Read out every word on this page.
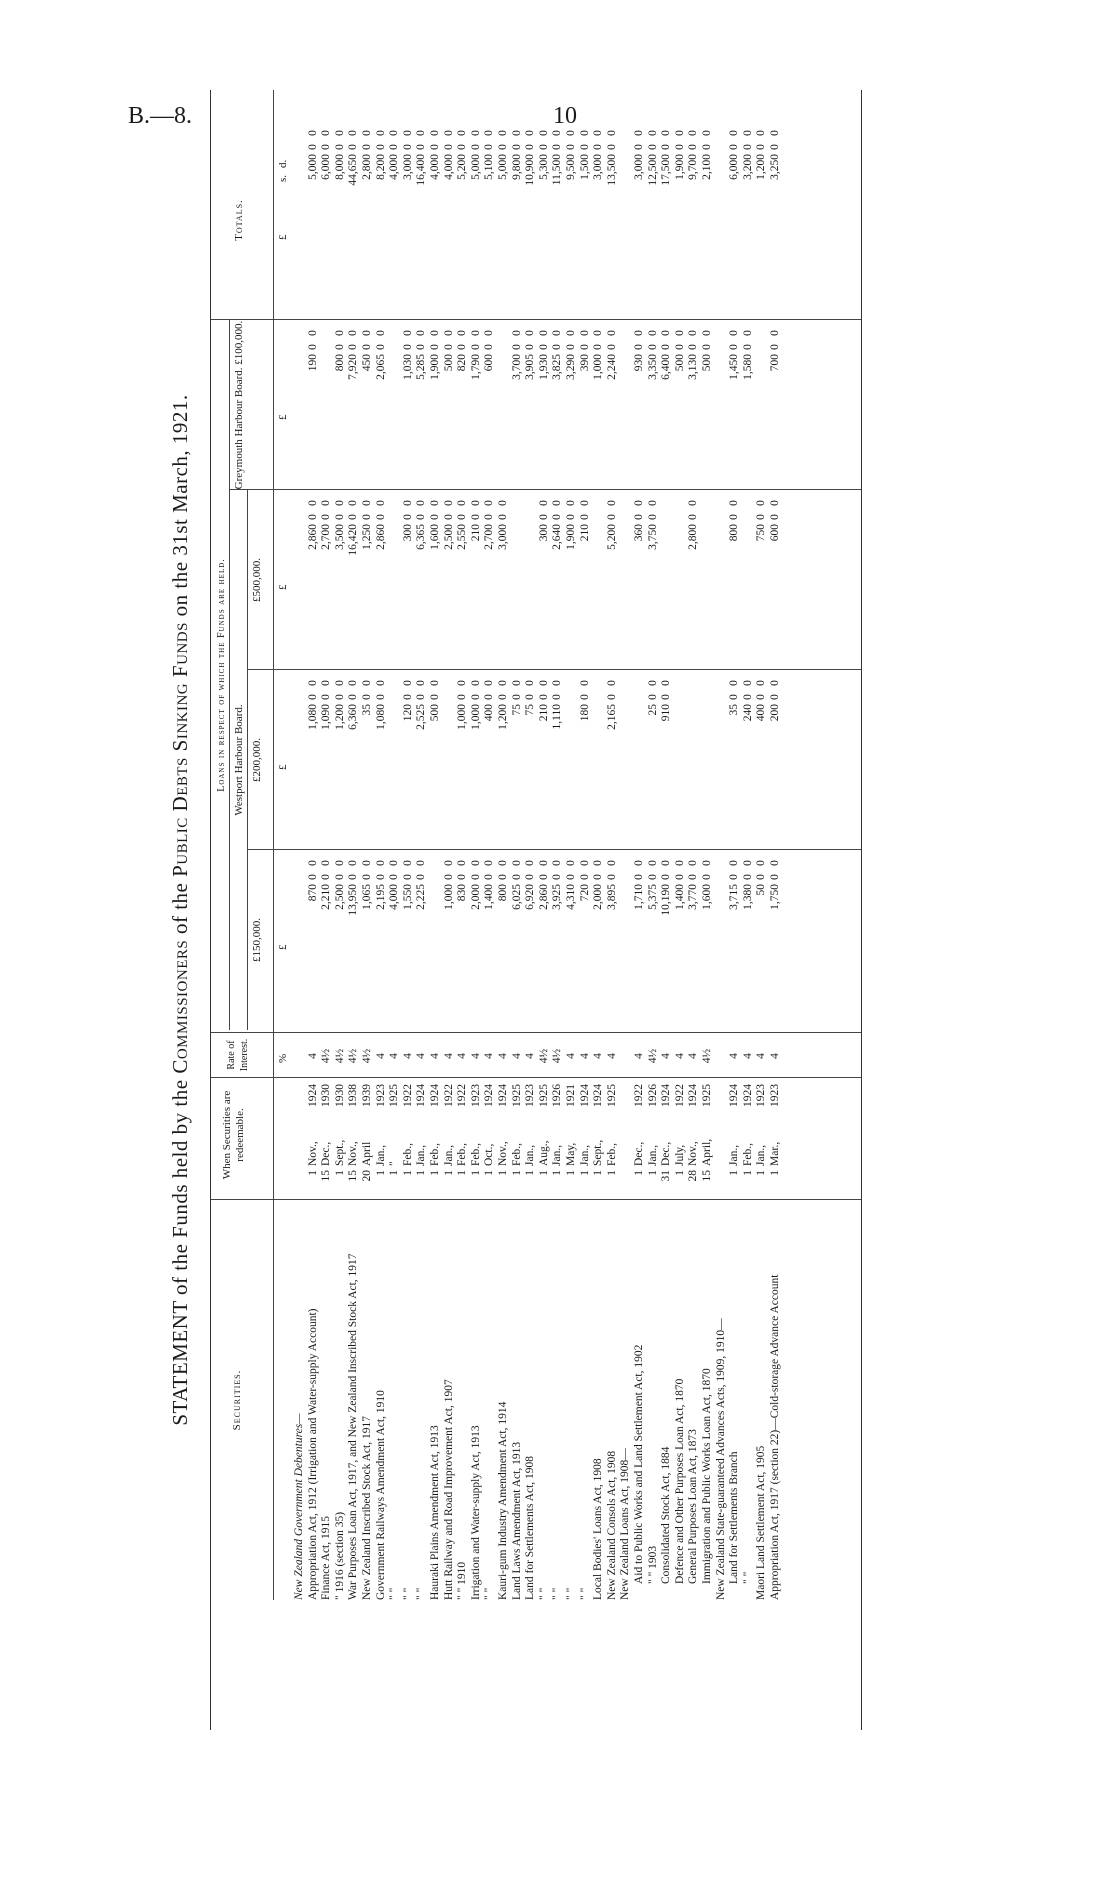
B.—8.	10
STATEMENT of the Funds held by the Commissioners of the Public Debts Sinking Funds on the 31st March, 1921.
Securities.
When Securities are redeemable.
Rate of Interest.
Loans in respect of which the Funds are held. Westport Harbour Board.
£150,000.
£200,000.
£500,000.
Greymouth Harbour Board. £100,000.
Totals.
%
£
£
£
£
£
s.
d.
New Zealand Government Debentures— Appropriation Act, 1912 (Irrigation and Water-supply Account)
1Nov.,1924
4
87000
1,08000
2,86000
19000
5,00000
Finance Act, 1915
15Dec.,1930
4½
2,21000
1,09000
2,70000
6,00000
" 1916 (section 35)
1Sept.,1930
4½
2,50000
1,20000
3,50000
80000
8,00000
War Purposes Loan Act, 1917, and New Zealand Inscribed Stock Act, 1917
15Nov.,1938
4½
13,95000
6,36000
16,42000
7,92000
44,65000
New Zealand Inscribed Stock Act, 1917
20April1939
4½
1,06500
3500
1,25000
45000
2,80000
Government Railways Amendment Act, 1910
1Jan.,1923
4
2,19500
1,08000
2,86000
2,06500
8,20000
" "
1"1925
4
4,00000
4,00000
" "
1Feb.,1922
4
1,55000
12000
30000
1,03000
3,00000
" "
1Jan.,1924
4
2,22500
2,52500
6,36500
5,28500
16,40000
Hauraki Plains Amendment Act, 1913
1Feb.,1924
4
50000
1,60000
1,90000
4,00000
Hutt Railway and Road Improvement Act, 1907
1Jan.,1922
4
1,00000
2,50000
50000
4,00000
" " 1910
1Feb.,1922
4
83000
1,00000
2,55000
82000
5,20000
Irrigation and Water-supply Act, 1913
1Feb.,1923
4
2,00000
1,00000
21000
1,79000
5,00000
" "
1Oct.,1924
4
1,40000
40000
2,70000
60000
5,10000
Kauri-gum Industry Amendment Act, 1914
1Nov.,1924
4
80000
1,20000
3,00000
5,00000
Land Laws Amendment Act, 1913
1Feb.,1925
4
6,02500
7500
3,70000
9,80000
Land for Settlements Act, 1908
1Jan.,1923
4
6,92000
7500
3,90500
10,90000
" "
1Aug.,1925
4½
2,86000
21000
30000
1,93000
5,30000
" "
1Jan.,1926
4½
3,92500
1,11000
2,64000
3,82500
11,50000
" "
1May,1921
4
4,31000
1,90000
3,29000
9,50000
" "
1Jan.,1924
4
72000
18000
21000
39000
1,50000
Local Bodies' Loans Act, 1908
1Sept.,1924
4
2,00000
1,00000
3,00000
New Zealand Consols Act, 1908
1Feb.,1925
4
3,89500
2,16500
5,20000
2,24000
13,50000
New Zealand Loans Act, 1908— Aid to Public Works and Land Settlement Act, 1902
1Dec.,1922
4
1,71000
36000
93000
3,00000
" " 1903
1Jan.,1926
4½
5,37500
2500
3,75000
3,35000
12,50000
Consolidated Stock Act, 1884
31Dec.,1924
4
10,19000
91000
6,40000
17,50000
Defence and Other Purposes Loan Act, 1870
1July,1922
4
1,40000
50000
1,90000
General Purposes Loan Act, 1873
28Nov.,1924
4
3,77000
2,80000
3,13000
9,70000
Immigration and Public Works Loan Act, 1870
15April,1925
4½
1,60000
50000
2,10000
New Zealand State-guaranteed Advances Acts, 1909, 1910— Land for Settlements Branch
1Jan.,1924
4
3,71500
3500
80000
1,45000
6,00000
" "
1Feb.,1924
4
1,38000
24000
1,58000
3,20000
Maori Land Settlement Act, 1905
1Jan.,1923
4
5000
40000
75000
1,20000
Appropriation Act, 1917 (section 22)—Cold-storage Advance Account
1Mar.,1923
4
1,75000
20000
60000
70000
3,25000
